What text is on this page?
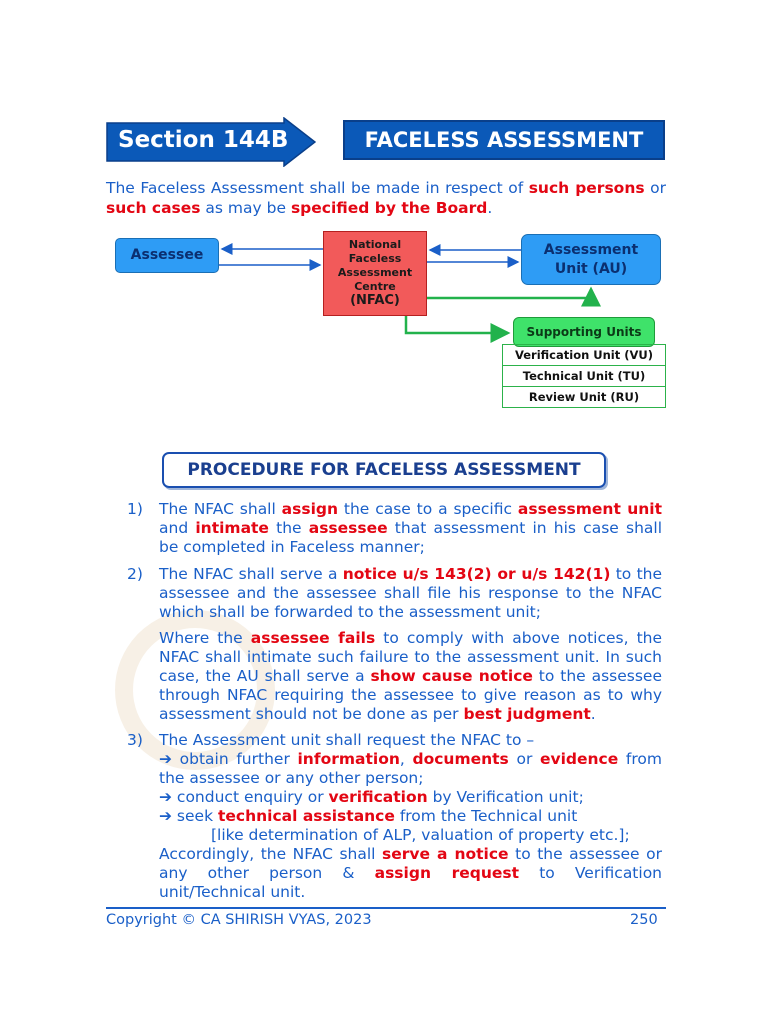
Section 144B	FACELESS ASSESSMENT
The Faceless Assessment shall be made in respect of such persons or such cases as may be specified by the Board.
Assessee
National
Faceless
Assessment
Centre
(NFAC)
Assessment
Unit (AU)
Supporting Units
Verification Unit (VU)
Technical Unit (TU)
Review Unit (RU)
PROCEDURE FOR FACELESS ASSESSMENT
1) The NFAC shall assign the case to a specific assessment unit and intimate the assessee that assessment in his case shall be completed in Faceless manner;
2) The NFAC shall serve a notice u/s 143(2) or u/s 142(1) to the assessee and the assessee shall file his response to the NFAC which shall be forwarded to the assessment unit;
Where the assessee fails to comply with above notices, the NFAC shall intimate such failure to the assessment unit. In such case, the AU shall serve a show cause notice to the assessee through NFAC requiring the assessee to give reason as to why assessment should not be done as per best judgment.
3) The Assessment unit shall request the NFAC to –
➔ obtain further information, documents or evidence from the assessee or any other person;
➔ conduct enquiry or verification by Verification unit;
➔ seek technical assistance from the Technical unit
[like determination of ALP, valuation of property etc.];
Accordingly, the NFAC shall serve a notice to the assessee or any other person & assign request to Verification unit/Technical unit.
Copyright © CA SHIRISH VYAS, 2023	250
